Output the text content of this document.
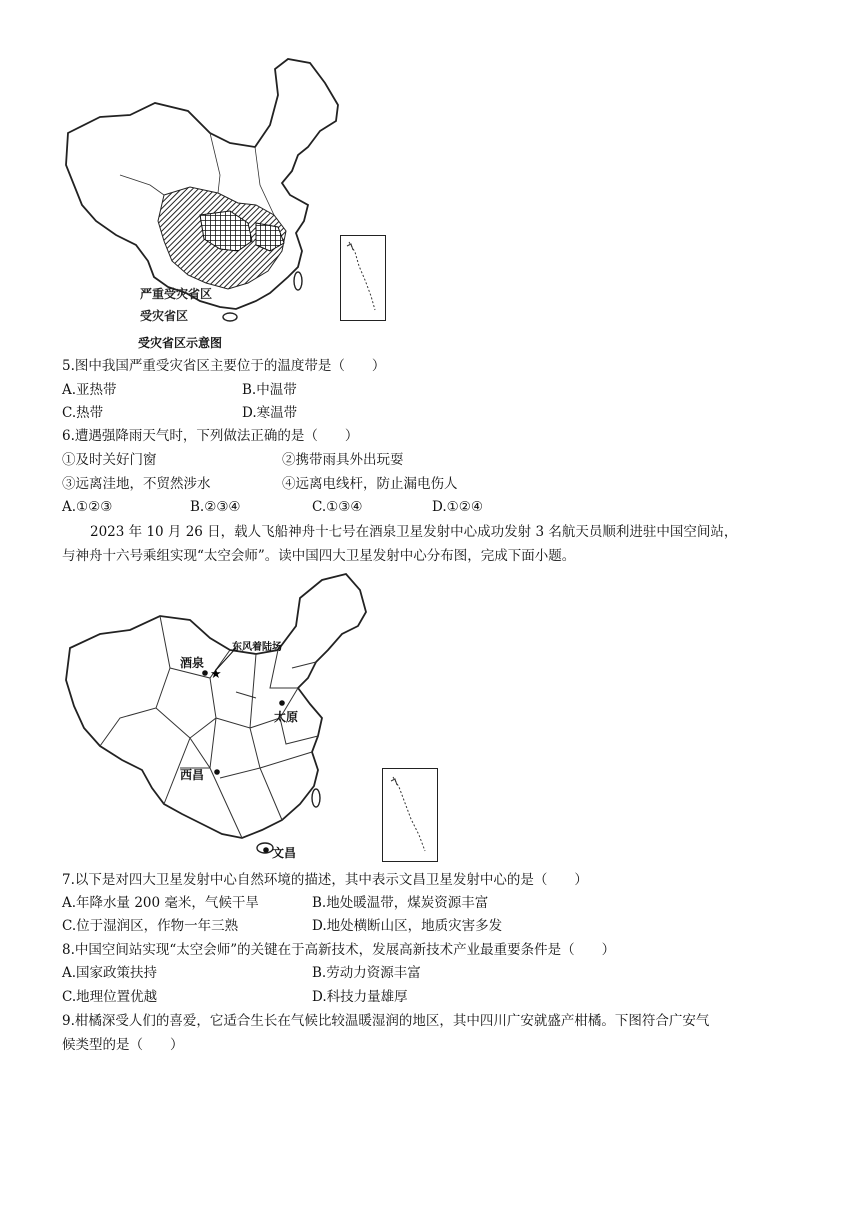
严重受灾省区
受灾省区
受灾省区示意图
5.图中我国严重受灾省区主要位于的温度带是（　　）
A.亚热带	B.中温带
C.热带	D.寒温带
6.遭遇强降雨天气时，下列做法正确的是（　　）
①及时关好门窗	②携带雨具外出玩耍
③远离洼地，不贸然涉水	④远离电线杆，防止漏电伤人
A.①②③	B.②③④	C.①③④	D.①②④
2023 年 10 月 26 日，载人飞船神舟十七号在酒泉卫星发射中心成功发射 3 名航天员顺利进驻中国空间站，
与神舟十六号乘组实现“太空会师”。读中国四大卫星发射中心分布图，完成下面小题。
★
酒泉
东风着陆场
太原
西昌
文昌
7.以下是对四大卫星发射中心自然环境的描述，其中表示文昌卫星发射中心的是（　　）
A.年降水量 200 毫米，气候干旱	B.地处暖温带，煤炭资源丰富
C.位于湿润区，作物一年三熟	D.地处横断山区，地质灾害多发
8.中国空间站实现“太空会师”的关键在于高新技术，发展高新技术产业最重要条件是（　　）
A.国家政策扶持	B.劳动力资源丰富
C.地理位置优越	D.科技力量雄厚
9.柑橘深受人们的喜爱，它适合生长在气候比较温暖湿润的地区，其中四川广安就盛产柑橘。下图符合广安气
候类型的是（　　）
